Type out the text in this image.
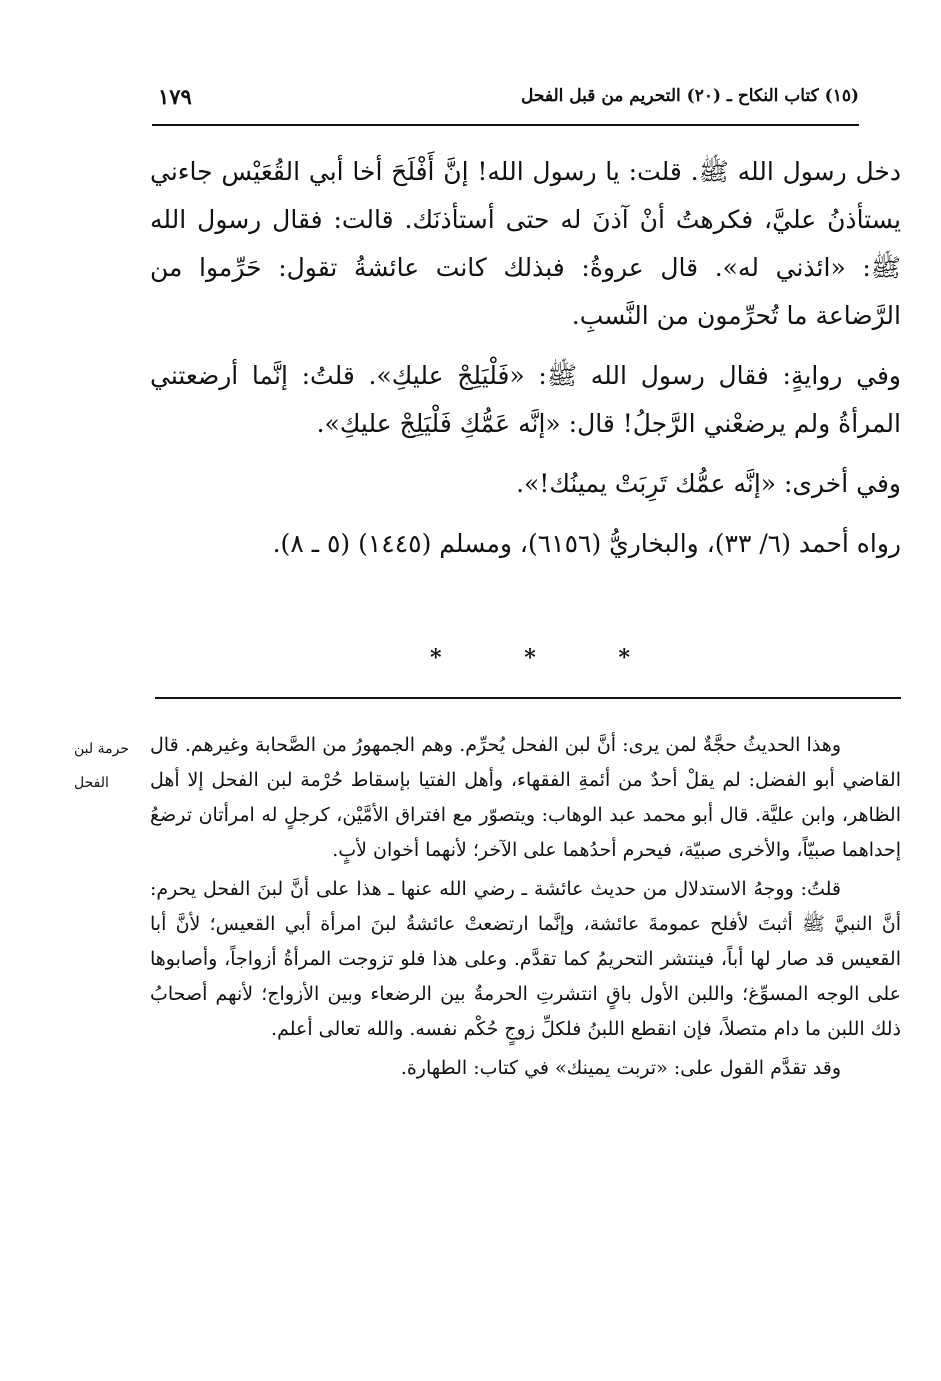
(١٥) كتاب النكاح ـ (٢٠) التحريم من قبل الفحل
١٧٩

دخل رسول الله ﷺ. قلت: يا رسول الله! إنَّ أَفْلَحَ أخا أبي القُعَيْس جاءني يستأذنُ عليَّ، فكرهتُ أنْ آذنَ له حتى أستأذنَك. قالت: فقال رسول الله ﷺ: «ائذني له». قال عروةُ: فبذلك كانت عائشةُ تقول: حَرِّموا من الرَّضاعة ما تُحرِّمون من النَّسبِ.

وفي روايةٍ: فقال رسول الله ﷺ: «فَلْيَلِجْ عليكِ». قلتُ: إنَّما أرضعتني المرأةُ ولم يرضعْني الرَّجلُ! قال: «إنَّه عَمُّكِ فَلْيَلِجْ عليكِ».

وفي أخرى: «إنَّه عمُّك تَرِبَتْ يمينُك!».

رواه أحمد (٦/ ٣٣)، والبخاريُّ (٦١٥٦)، ومسلم (١٤٤٥) (٥ ـ ٨).

*	*	*
حرمة لبن
الفحل

وهذا الحديثُ حجَّةٌ لمن يرى: أنَّ لبن الفحل يُحرِّم. وهم الجمهورُ من الصَّحابة وغيرهم. قال القاضي أبو الفضل: لم يقلْ أحدٌ من أئمةِ الفقهاء، وأهل الفتيا بإسقاط حُرْمة لبن الفحل إلا أهل الظاهر، وابن عليَّة. قال أبو محمد عبد الوهاب: ويتصوّر مع افتراق الأمَّيْن، كرجلٍ له امرأتان ترضعُ إحداهما صبيّاً، والأخرى صبيّة، فيحرم أحدُهما على الآخر؛ لأنهما أخوان لأبٍ.

قلتُ: ووجهُ الاستدلال من حديث عائشة ـ رضي الله عنها ـ هذا على أنَّ لبنَ الفحل يحرم: أنَّ النبيَّ ﷺ أثبتَ لأفلح عمومةَ عائشة، وإنَّما ارتضعتْ عائشةُ لبنَ امرأة أبي القعيس؛ لأنَّ أبا القعيس قد صار لها أباً، فينتشر التحريمُ كما تقدَّم. وعلى هذا فلو تزوجت المرأةُ أزواجاً، وأصابوها على الوجه المسوِّغ؛ واللبن الأول باقٍ انتشرتِ الحرمةُ بين الرضعاء وبين الأزواج؛ لأنهم أصحابُ ذلك اللبن ما دام متصلاً، فإن انقطع اللبنُ فلكلِّ زوجٍ حُكْم نفسه. والله تعالى أعلم.

وقد تقدَّم القول على: «تربت يمينك» في كتاب: الطهارة.
